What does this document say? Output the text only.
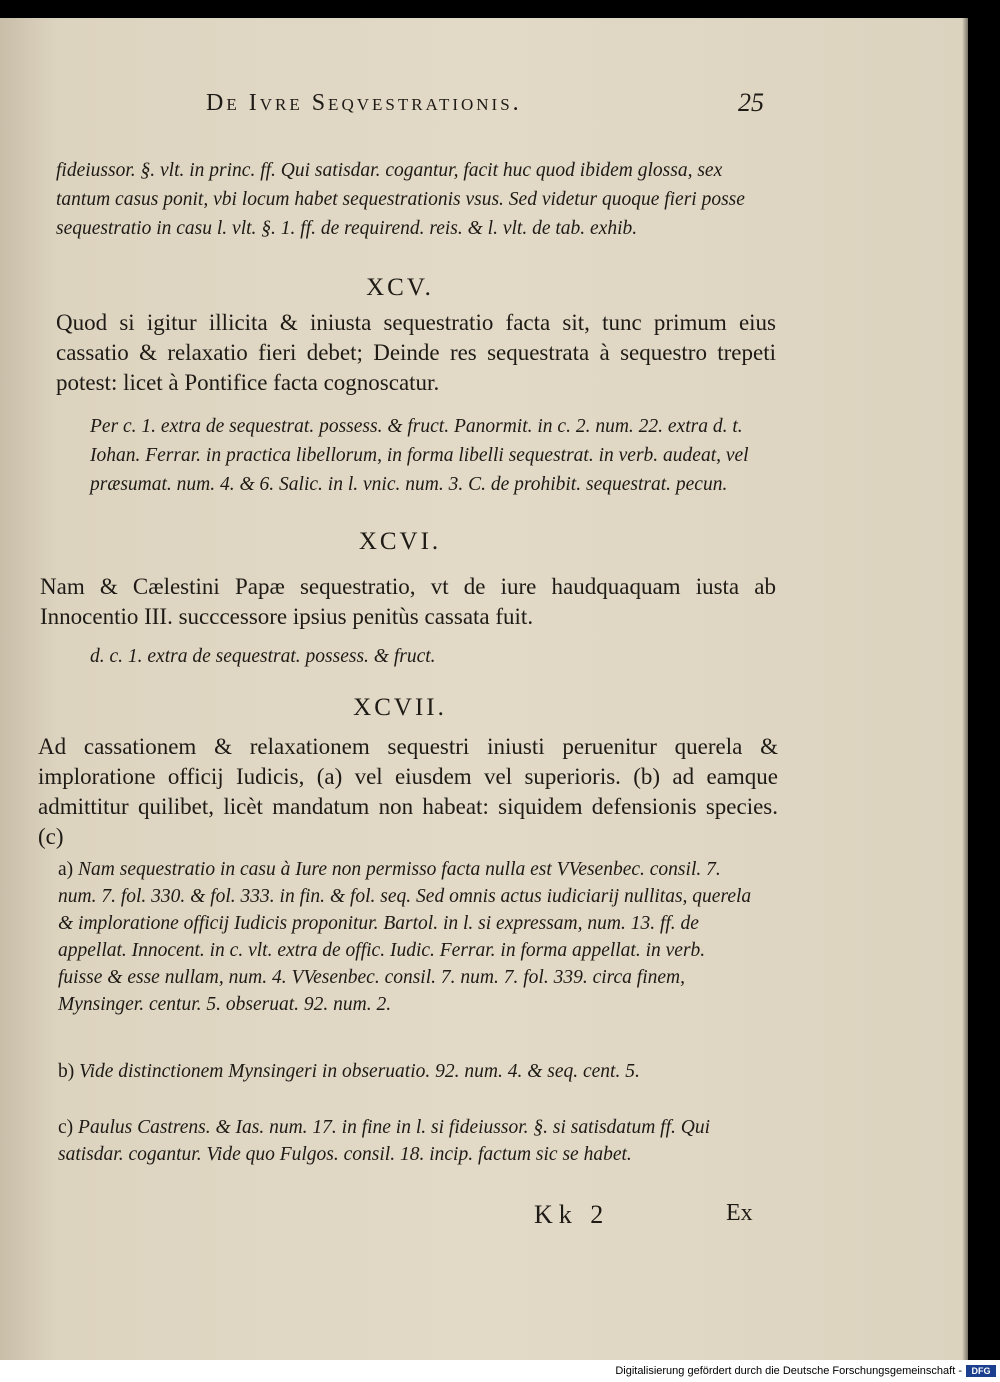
De Ivre Seqvestrationis.	25
fideiussor. §. vlt. in princ. ff. Qui satisdar. cogantur, facit huc quod ibidem glossa, sex tantum casus ponit, vbi locum habet sequestrationis vsus. Sed videtur quoque fieri posse sequestratio in casu l. vlt. §. 1. ff. de requirend. reis. & l. vlt. de tab. exhib.
XCV.
Quod si igitur illicita & iniusta sequestratio facta sit, tunc primum eius cassatio & relaxatio fieri debet; Deinde res sequestrata à sequestro trepeti potest: licet à Pontifice facta cognoscatur.
Per c. 1. extra de sequestrat. possess. & fruct. Panormit. in c. 2. num. 22. extra d. t. Iohan. Ferrar. in practica libellorum, in forma libelli sequestrat. in verb. audeat, vel præsumat. num. 4. & 6. Salic. in l. vnic. num. 3. C. de prohibit. sequestrat. pecun.
XCVI.
Nam & Cælestini Papæ sequestratio, vt de iure haudquaquam iusta ab Innocentio III. succcessore ipsius penitùs cassata fuit.
d. c. 1. extra de sequestrat. possess. & fruct.
XCVII.
Ad cassationem & relaxationem sequestri iniusti peruenitur querela & imploratione officij Iudicis, (a) vel eiusdem vel superioris. (b) ad eamque admittitur quilibet, licèt mandatum non habeat: siquidem defensionis species. (c)
a) Nam sequestratio in casu à Iure non permisso facta nulla est VVesenbec. consil. 7. num. 7. fol. 330. & fol. 333. in fin. & fol. seq. Sed omnis actus iudiciarij nullitas, querela & imploratione officij Iudicis proponitur. Bartol. in l. si expressam, num. 13. ff. de appellat. Innocent. in c. vlt. extra de offic. Iudic. Ferrar. in forma appellat. in verb. fuisse & esse nullam, num. 4. VVesenbec. consil. 7. num. 7. fol. 339. circa finem, Mynsinger. centur. 5. obseruat. 92. num. 2.
b) Vide distinctionem Mynsingeri in obseruatio. 92. num. 4. & seq. cent. 5.
c) Paulus Castrens. & Ias. num. 17. in fine in l. si fideiussor. §. si satisdatum ff. Qui satisdar. cogantur. Vide quo Fulgos. consil. 18. incip. factum sic se habet.
Kk 2	Ex
Digitalisierung gefördert durch die Deutsche Forschungsgemeinschaft -	DFG
